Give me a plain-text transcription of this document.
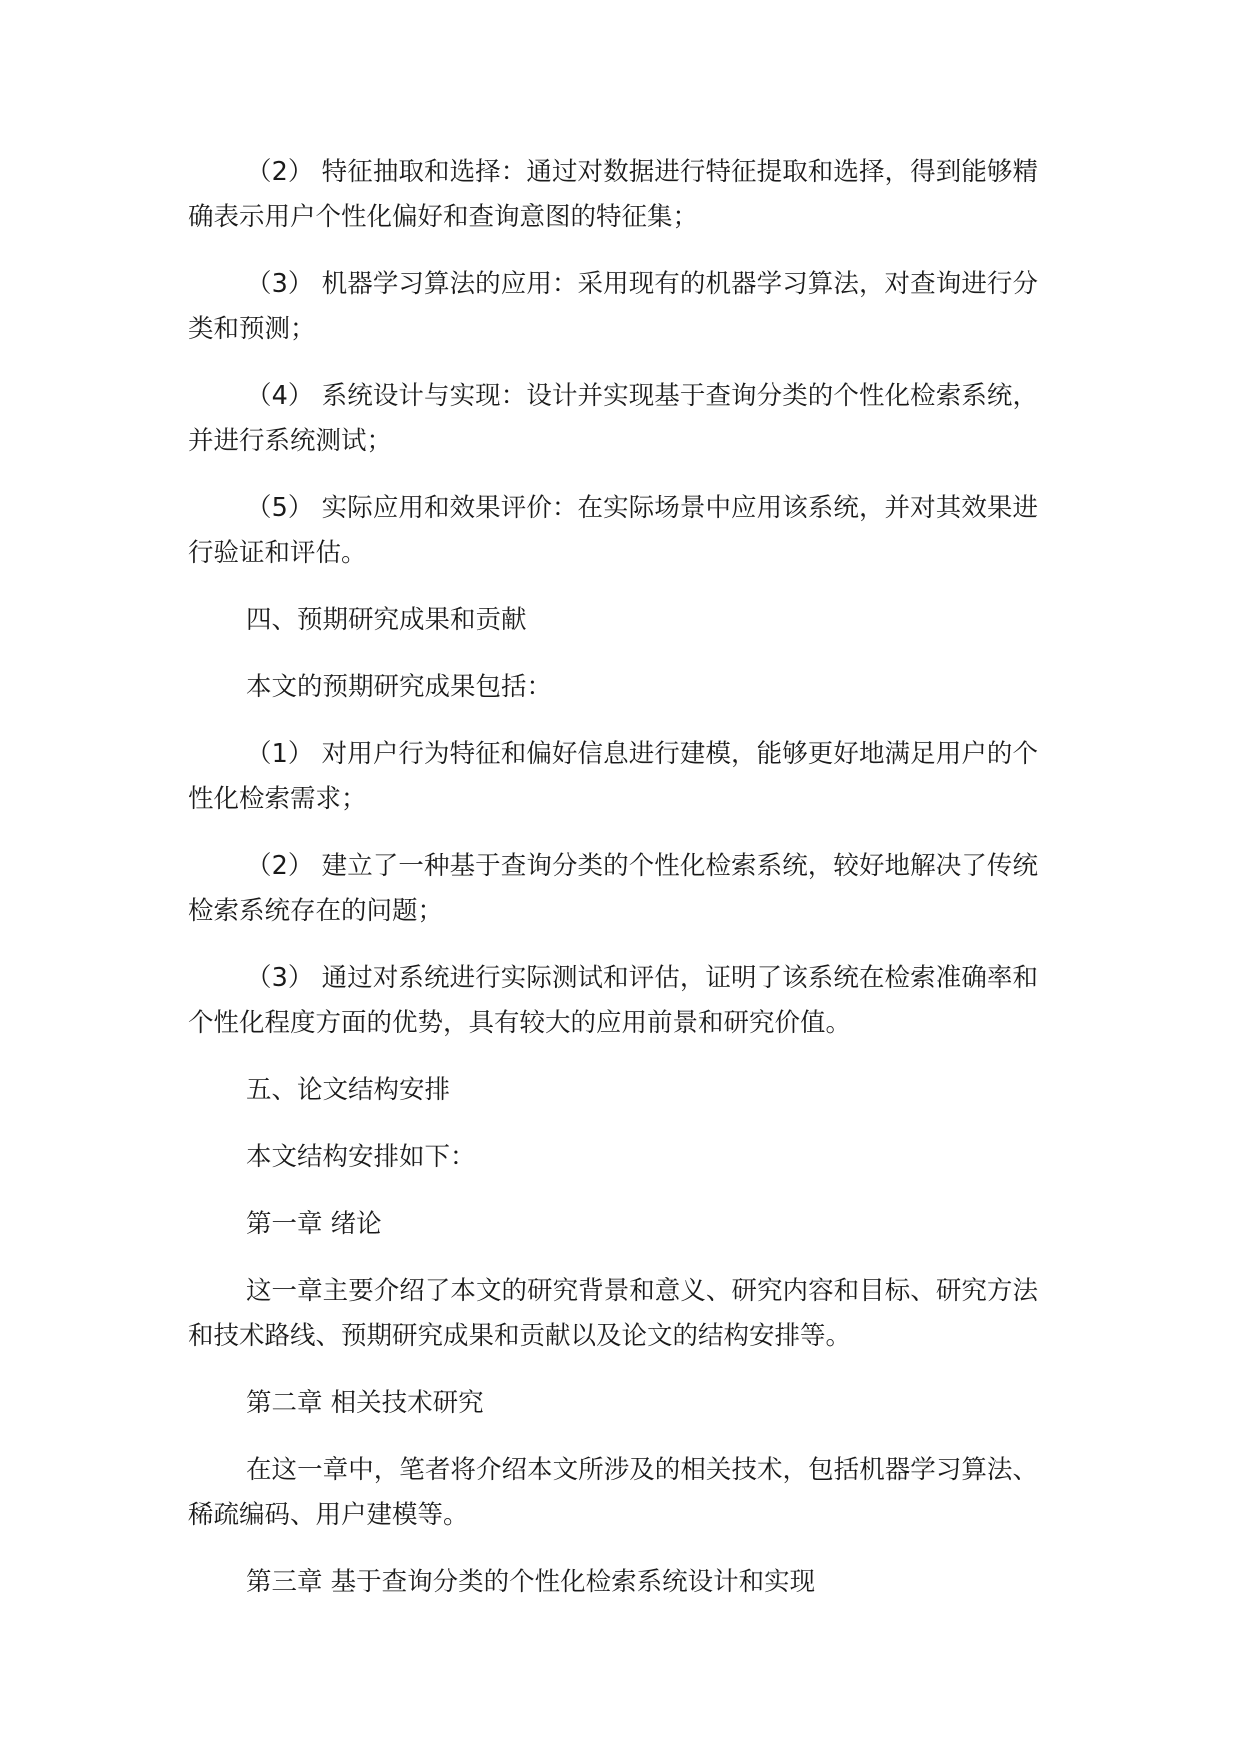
（2） 特征抽取和选择：通过对数据进行特征提取和选择，得到能够精确表示用户个性化偏好和查询意图的特征集；

（3） 机器学习算法的应用：采用现有的机器学习算法，对查询进行分类和预测；

（4） 系统设计与实现：设计并实现基于查询分类的个性化检索系统，并进行系统测试；

（5） 实际应用和效果评价：在实际场景中应用该系统，并对其效果进行验证和评估。

四、预期研究成果和贡献

本文的预期研究成果包括：

（1） 对用户行为特征和偏好信息进行建模，能够更好地满足用户的个性化检索需求；

（2） 建立了一种基于查询分类的个性化检索系统，较好地解决了传统检索系统存在的问题；

（3） 通过对系统进行实际测试和评估，证明了该系统在检索准确率和个性化程度方面的优势，具有较大的应用前景和研究价值。

五、论文结构安排

本文结构安排如下：

第一章 绪论

这一章主要介绍了本文的研究背景和意义、研究内容和目标、研究方法和技术路线、预期研究成果和贡献以及论文的结构安排等。

第二章 相关技术研究

在这一章中，笔者将介绍本文所涉及的相关技术，包括机器学习算法、稀疏编码、用户建模等。

第三章 基于查询分类的个性化检索系统设计和实现
